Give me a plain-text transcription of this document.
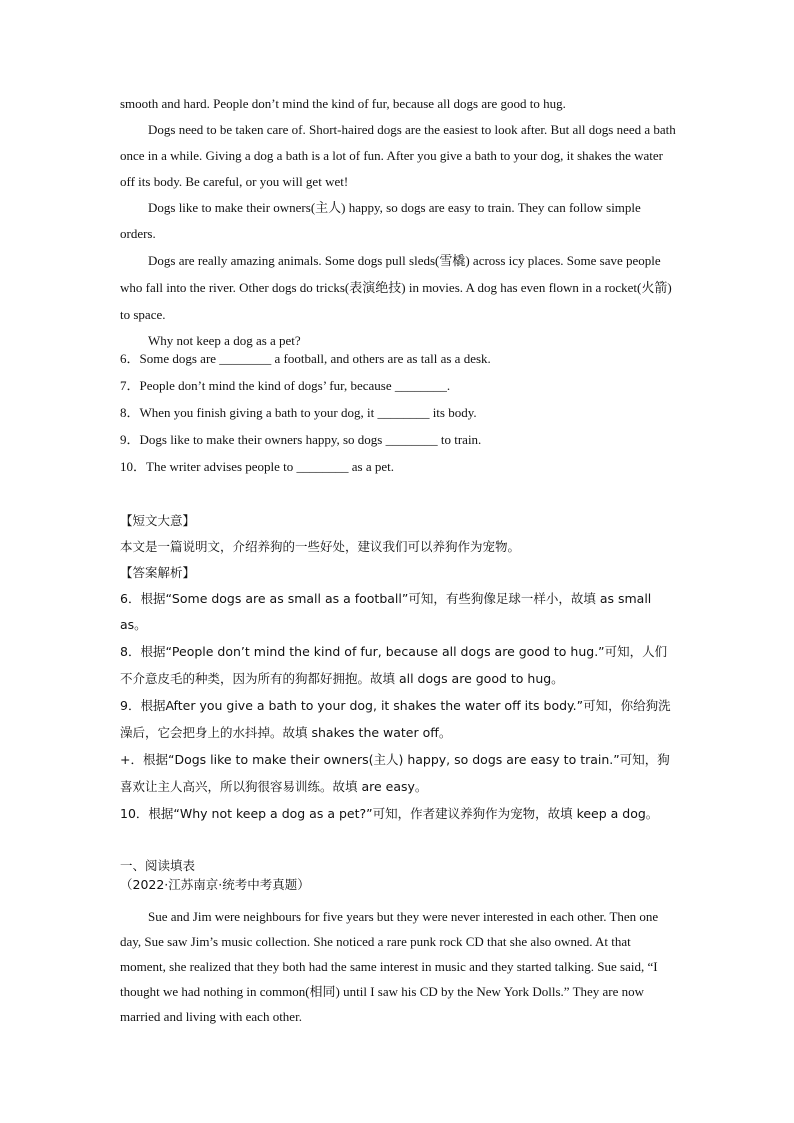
smooth and hard. People don’t mind the kind of fur, because all dogs are good to hug.

Dogs need to be taken care of. Short-haired dogs are the easiest to look after. But all dogs need a bath once in a while. Giving a dog a bath is a lot of fun. After you give a bath to your dog, it shakes the water off its body. Be careful, or you will get wet!

Dogs like to make their owners(主人) happy, so dogs are easy to train. They can follow simple orders.

Dogs are really amazing animals. Some dogs pull sleds(雪橇) across icy places. Some save people who fall into the river. Other dogs do tricks(表演绝技) in movies. A dog has even flown in a rocket(火箭) to space.

Why not keep a dog as a pet?

6．Some dogs are ________ a football, and others are as tall as a desk.

7．People don’t mind the kind of dogs’ fur, because ________.

8．When you finish giving a bath to your dog, it ________ its body.

9．Dogs like to make their owners happy, so dogs ________ to train.

10．The writer advises people to ________ as a pet.

【短文大意】

本文是一篇说明文，介绍养狗的一些好处，建议我们可以养狗作为宠物。

【答案解析】

6．根据“Some dogs are as small as a football”可知，有些狗像足球一样小，故填 as small as。

8．根据“People don’t mind the kind of fur, because all dogs are good to hug.”可知，人们不介意皮毛的种类，因为所有的狗都好拥抱。故填 all dogs are good to hug。

9．根据After you give a bath to your dog, it shakes the water off its body.”可知，你给狗洗澡后，它会把身上的水抖掉。故填 shakes the water off。

+．根据“Dogs like to make their owners(主人) happy, so dogs are easy to train.”可知，狗喜欢让主人高兴，所以狗很容易训练。故填 are easy。

10．根据“Why not keep a dog as a pet?”可知，作者建议养狗作为宠物，故填 keep a dog。

一、阅读填表

（2022·江苏南京·统考中考真题）

Sue and Jim were neighbours for five years but they were never interested in each other. Then one day, Sue saw Jim’s music collection. She noticed a rare punk rock CD that she also owned. At that moment, she realized that they both had the same interest in music and they started talking. Sue said, “I thought we had nothing in common(相同) until I saw his CD by the New York Dolls.” They are now married and living with each other.
